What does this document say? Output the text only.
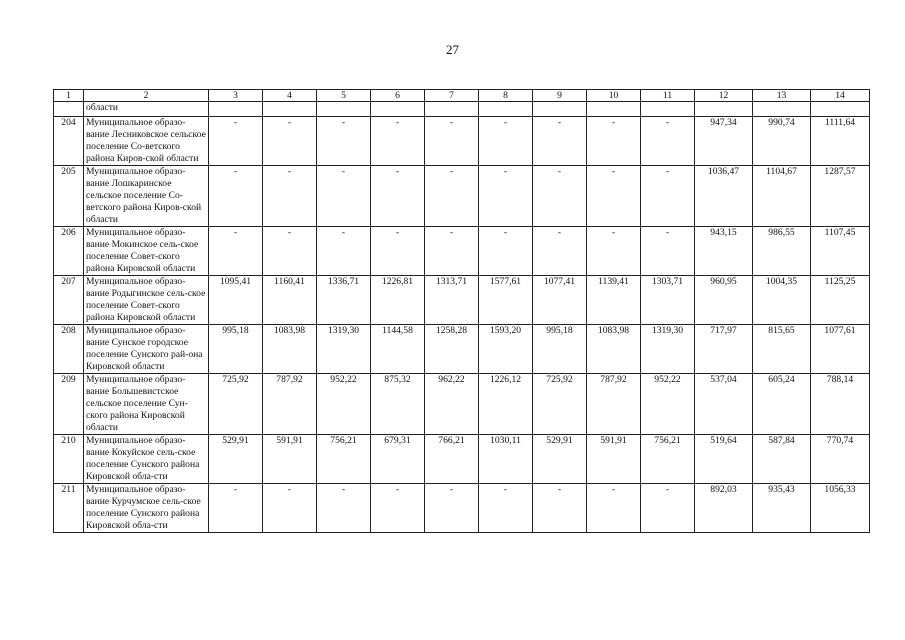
27
1	2	3	4	5	6	7	8	9	10	11	12	13	14
	области												
204	Муниципальное образо-вание Лесниковское сельское поселение Со-ветского района Киров-ской области	-	-	-	-	-	-	-	-	-	947,34	990,74	1111,64
205	Муниципальное образо-вание Лошкаринское сельское поселение Со-ветского района Киров-ской области	-	-	-	-	-	-	-	-	-	1036,47	1104,67	1287,57
206	Муниципальное образо-вание Мокинское сель-ское поселение Совет-ского района Кировской области	-	-	-	-	-	-	-	-	-	943,15	986,55	1107,45
207	Муниципальное образо-вание Родыгинское сель-ское поселение Совет-ского района Кировской области	1095,41	1160,41	1336,71	1226,81	1313,71	1577,61	1077,41	1139,41	1303,71	960,95	1004,35	1125,25
208	Муниципальное образо-вание Сунское городское поселение Сунского рай-она Кировской области	995,18	1083,98	1319,30	1144,58	1258,28	1593,20	995,18	1083,98	1319,30	717,97	815,65	1077,61
209	Муниципальное образо-вание Большевистское сельское поселение Сун-ского района Кировской области	725,92	787,92	952,22	875,32	962,22	1226,12	725,92	787,92	952,22	537,04	605,24	788,14
210	Муниципальное образо-вание Кокуйское сель-ское поселение Сунского района Кировской обла-сти	529,91	591,91	756,21	679,31	766,21	1030,11	529,91	591,91	756,21	519,64	587,84	770,74
211	Муниципальное образо-вание Курчумское сель-ское поселение Сунского района Кировской обла-сти	-	-	-	-	-	-	-	-	-	892,03	935,43	1056,33
